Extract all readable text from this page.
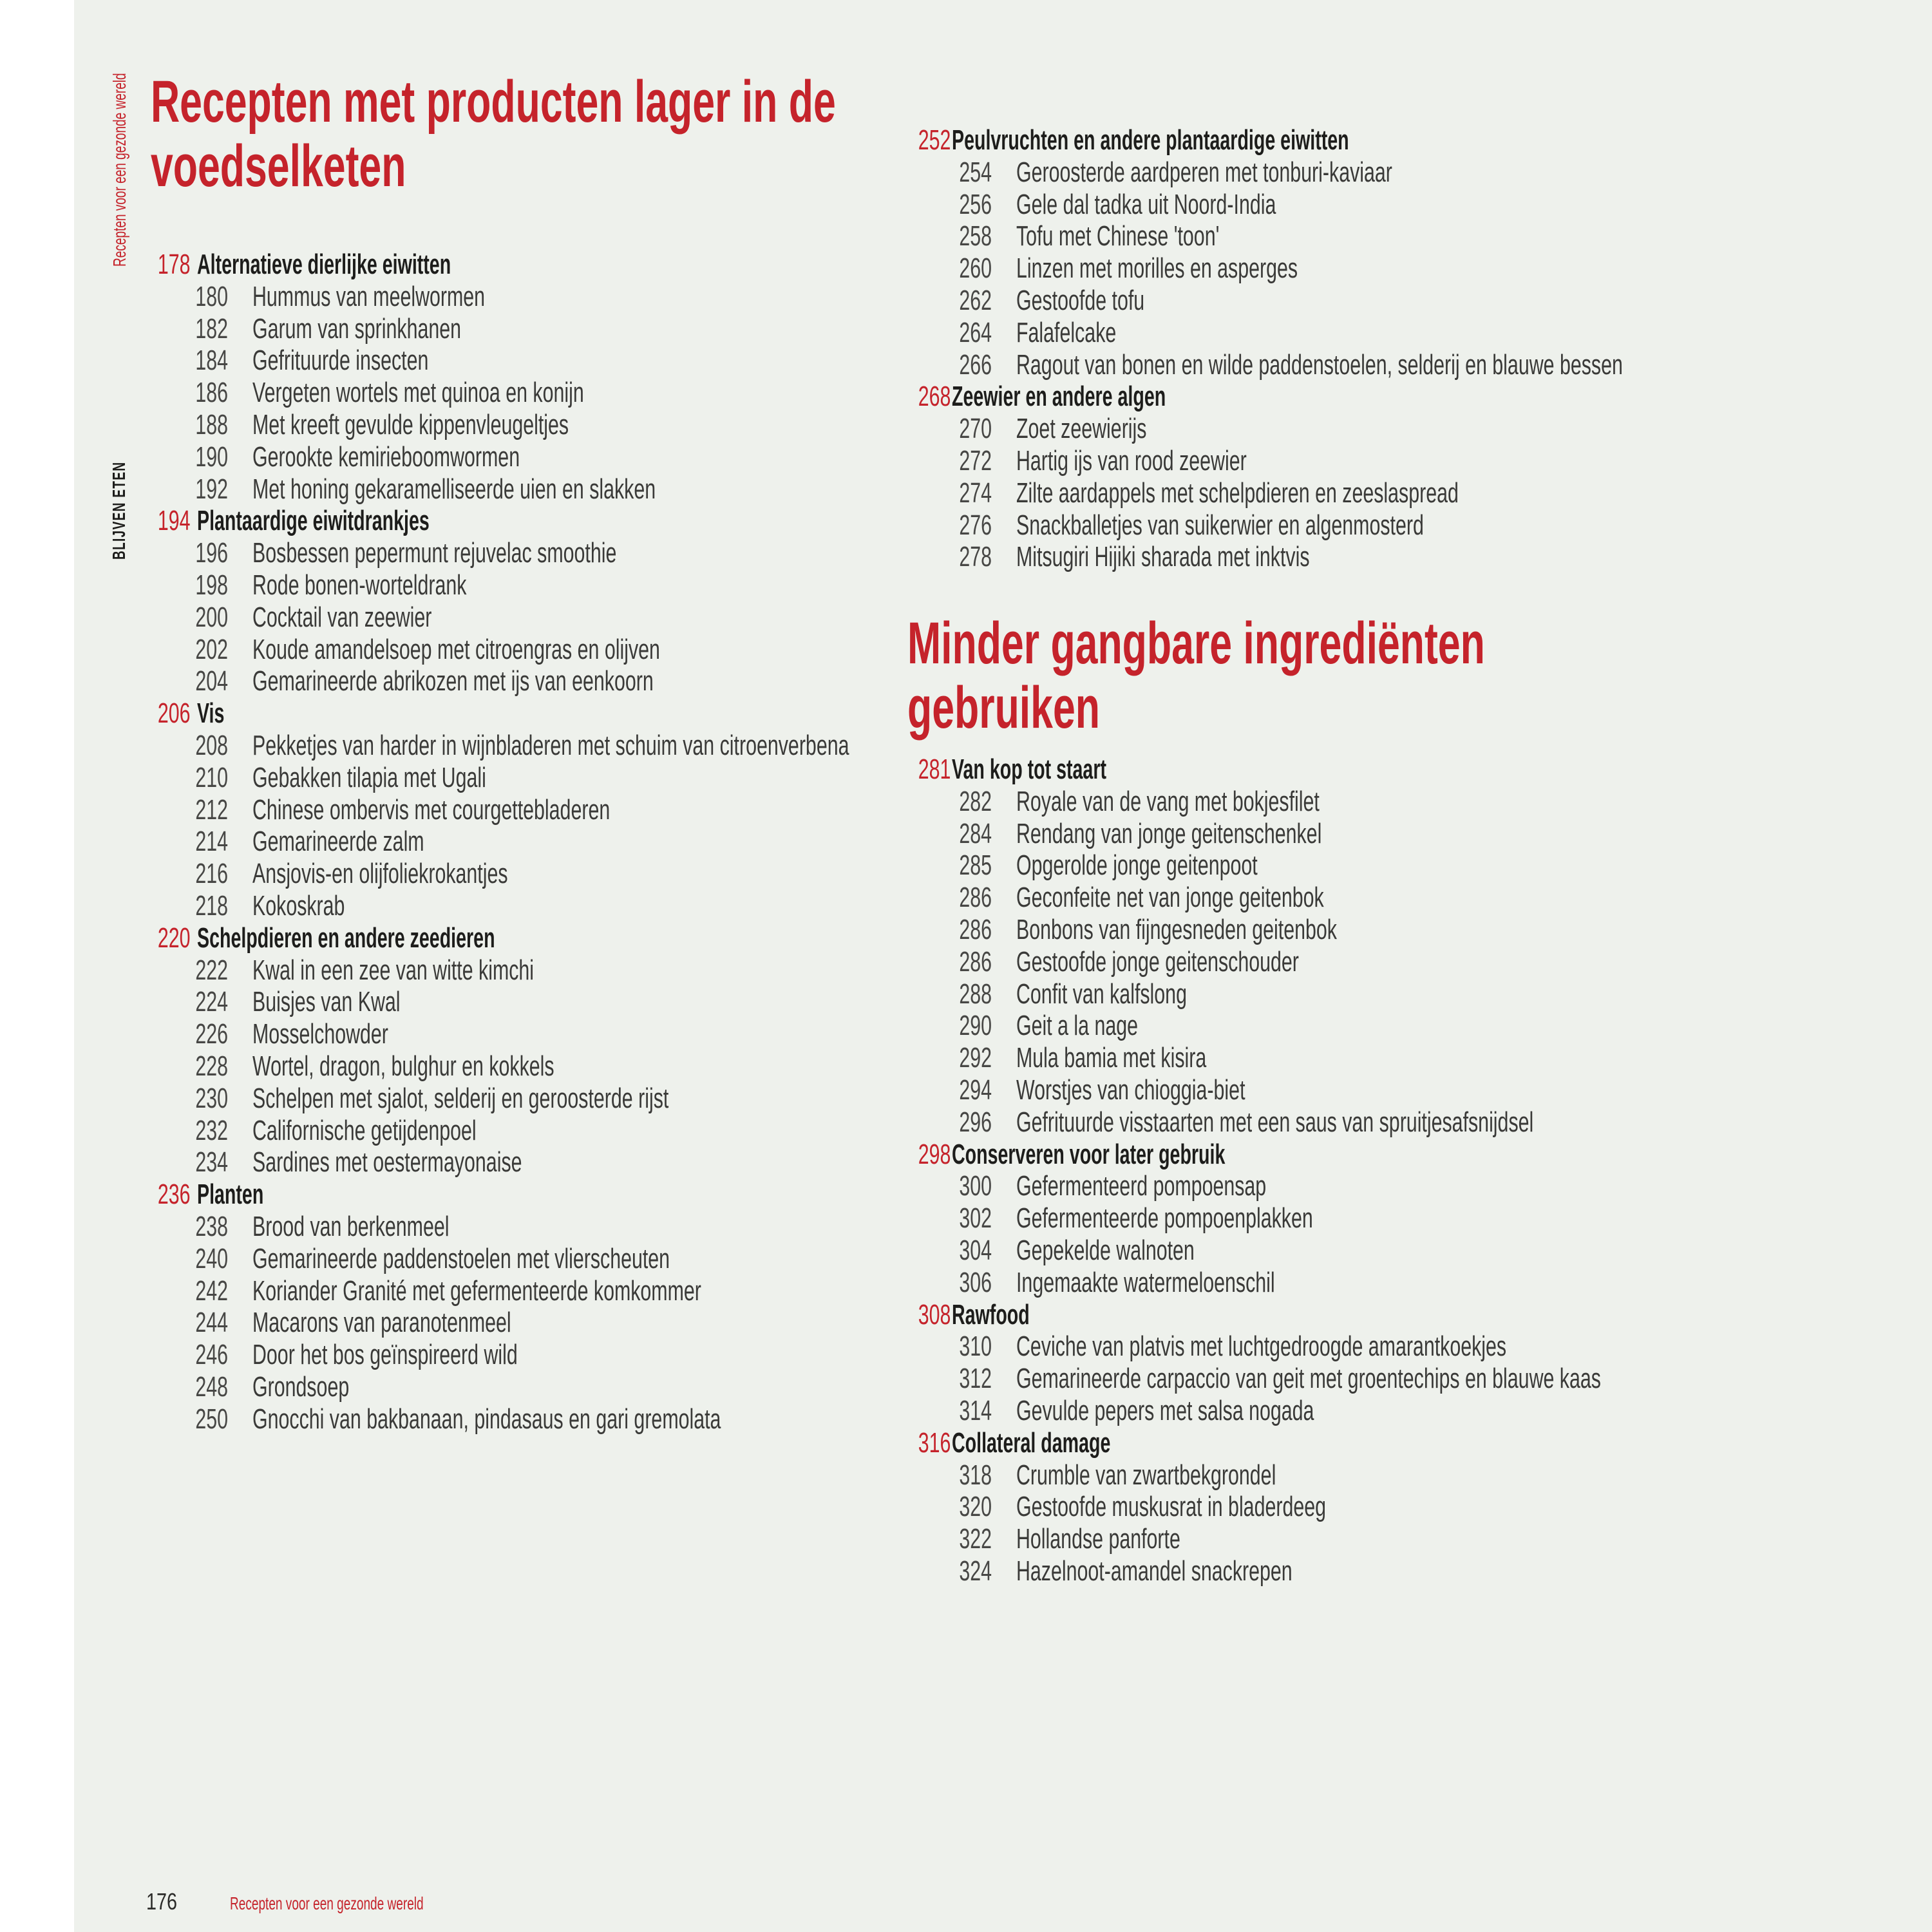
Recepten voor een gezonde wereld
BLIJVEN ETEN
Recepten met producten lager in de
voedselketen
Minder gangbare ingrediënten
gebruiken
178 Alternatieve dierlijke eiwitten
180 Hummus van meelwormen
182 Garum van sprinkhanen
184 Gefrituurde insecten
186 Vergeten wortels met quinoa en konijn
188 Met kreeft gevulde kippenvleugeltjes
190 Gerookte kemirieboomwormen
192 Met honing gekaramelliseerde uien en slakken
194 Plantaardige eiwitdrankjes
196 Bosbessen pepermunt rejuvelac smoothie
198 Rode bonen-worteldrank
200 Cocktail van zeewier
202 Koude amandelsoep met citroengras en olijven
204 Gemarineerde abrikozen met ijs van eenkoorn
206 Vis
208 Pekketjes van harder in wijnbladeren met schuim van citroenverbena
210 Gebakken tilapia met Ugali
212 Chinese ombervis met courgettebladeren
214 Gemarineerde zalm
216 Ansjovis-en olijfoliekrokantjes
218 Kokoskrab
220 Schelpdieren en andere zeedieren
222 Kwal in een zee van witte kimchi
224 Buisjes van Kwal
226 Mosselchowder
228 Wortel, dragon, bulghur en kokkels
230 Schelpen met sjalot, selderij en geroosterde rijst
232 Californische getijdenpoel
234 Sardines met oestermayonaise
236 Planten
238 Brood van berkenmeel
240 Gemarineerde paddenstoelen met vlierscheuten
242 Koriander Granité met gefermenteerde komkommer
244 Macarons van paranotenmeel
246 Door het bos geïnspireerd wild
248 Grondsoep
250 Gnocchi van bakbanaan, pindasaus en gari gremolata
252 Peulvruchten en andere plantaardige eiwitten
254 Geroosterde aardperen met tonburi-kaviaar
256 Gele dal tadka uit Noord-India
258 Tofu met Chinese 'toon'
260 Linzen met morilles en asperges
262 Gestoofde tofu
264 Falafelcake
266 Ragout van bonen en wilde paddenstoelen, selderij en blauwe bessen
268 Zeewier en andere algen
270 Zoet zeewierijs
272 Hartig ijs van rood zeewier
274 Zilte aardappels met schelpdieren en zeeslaspread
276 Snackballetjes van suikerwier en algenmosterd
278 Mitsugiri Hijiki sharada met inktvis
281 Van kop tot staart
282 Royale van de vang met bokjesfilet
284 Rendang van jonge geitenschenkel
285 Opgerolde jonge geitenpoot
286 Geconfeite net van jonge geitenbok
286 Bonbons van fijngesneden geitenbok
286 Gestoofde jonge geitenschouder
288 Confit van kalfslong
290 Geit a la nage
292 Mula bamia met kisira
294 Worstjes van chioggia-biet
296 Gefrituurde visstaarten met een saus van spruitjesafsnijdsel
298 Conserveren voor later gebruik
300 Gefermenteerd pompoensap
302 Gefermenteerde pompoenplakken
304 Gepekelde walnoten
306 Ingemaakte watermeloenschil
308 Rawfood
310 Ceviche van platvis met luchtgedroogde amarantkoekjes
312 Gemarineerde carpaccio van geit met groentechips en blauwe kaas
314 Gevulde pepers met salsa nogada
316 Collateral damage
318 Crumble van zwartbekgrondel
320 Gestoofde muskusrat in bladerdeeg
322 Hollandse panforte
324 Hazelnoot-amandel snackrepen
176	Recepten voor een gezonde wereld
